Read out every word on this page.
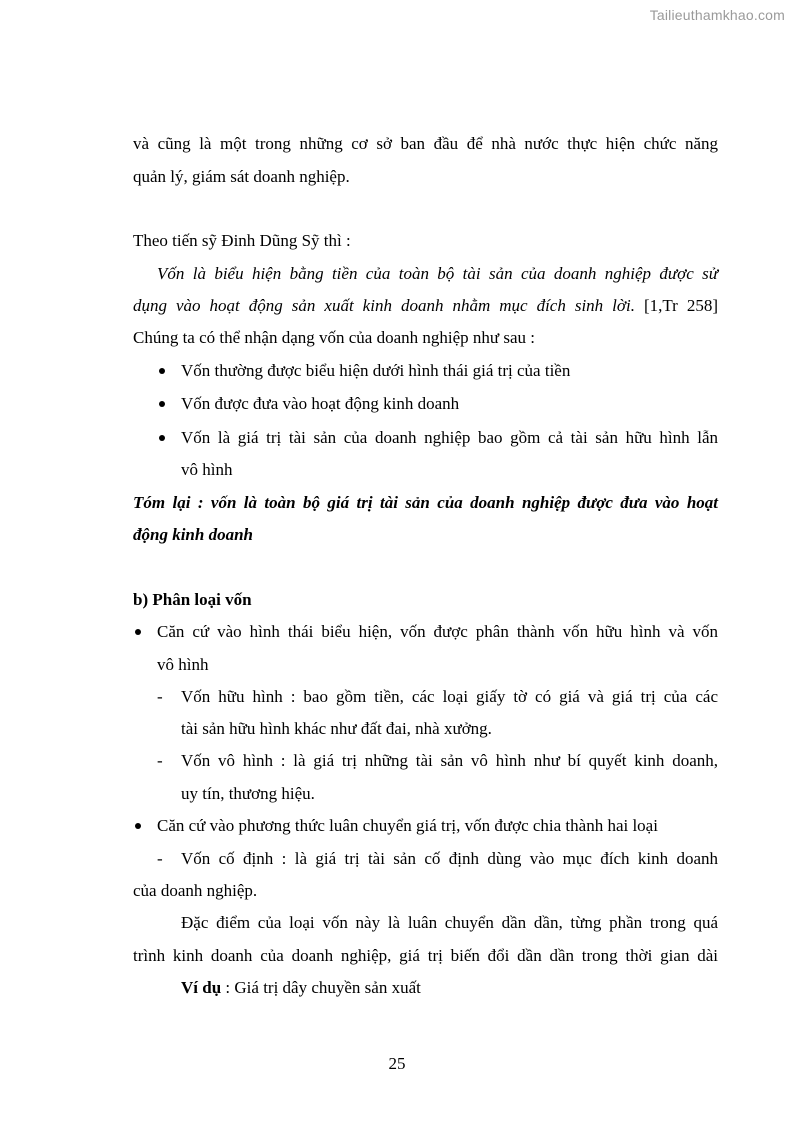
Tailieuthamkhao.com
và cũng là một trong những cơ sở ban đầu để nhà nước thực hiện chức năng
quản lý, giám sát doanh nghiệp.
Theo tiến sỹ Đinh Dũng Sỹ thì :
Vốn là biểu hiện bằng tiền của toàn bộ tài sản của doanh nghiệp được sử
dụng vào hoạt động sản xuất kinh doanh nhằm mục đích sinh lời. [1,Tr 258]
Chúng ta có thể nhận dạng vốn của doanh nghiệp như sau :
Vốn thường được biểu hiện dưới hình thái giá trị của tiền
Vốn được đưa vào hoạt động kinh doanh
Vốn là giá trị tài sản của doanh nghiệp bao gồm cả tài sản hữu hình lẫn
vô hình
Tóm lại : vốn là toàn bộ giá trị tài sản của doanh nghiệp được đưa vào hoạt
động kinh doanh
b) Phân loại vốn
Căn cứ vào hình thái biểu hiện, vốn được phân thành vốn hữu hình và vốn
vô hình
- Vốn hữu hình : bao gồm tiền, các loại giấy tờ có giá và giá trị của các
tài sản hữu hình khác như đất đai, nhà xưởng.
- Vốn vô hình : là giá trị những tài sản vô hình như bí quyết kinh doanh,
uy tín, thương hiệu.
Căn cứ vào phương thức luân chuyển giá trị, vốn được chia thành hai loại
- Vốn cố định : là giá trị tài sản cố định dùng vào mục đích kinh doanh
của doanh nghiệp.
Đặc điểm của loại vốn này là luân chuyển dần dần, từng phần trong quá
trình kinh doanh của doanh nghiệp, giá trị biến đổi dần dần trong thời gian dài
Ví dụ : Giá trị dây chuyền sản xuất
25
